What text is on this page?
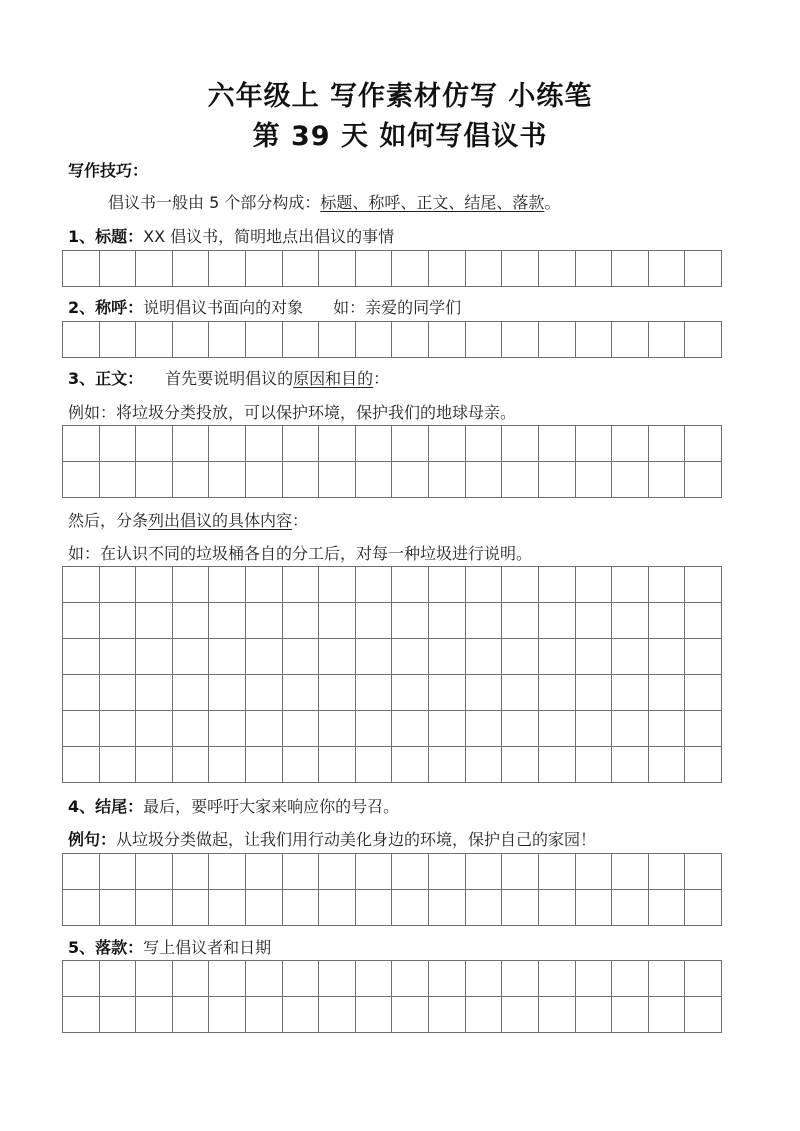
六年级上 写作素材仿写 小练笔
第 39 天 如何写倡议书
写作技巧：
倡议书一般由 5 个部分构成：标题、称呼、正文、结尾、落款。
1、标题：XX 倡议书，简明地点出倡议的事情
2、称呼：说明倡议书面向的对象 如：亲爱的同学们
3、正文： 首先要说明倡议的原因和目的：
例如：将垃圾分类投放，可以保护环境，保护我们的地球母亲。
然后，分条列出倡议的具体内容：
如：在认识不同的垃圾桶各自的分工后，对每一种垃圾进行说明。
4、结尾：最后，要呼吁大家来响应你的号召。
例句：从垃圾分类做起，让我们用行动美化身边的环境，保护自己的家园！
5、落款：写上倡议者和日期
